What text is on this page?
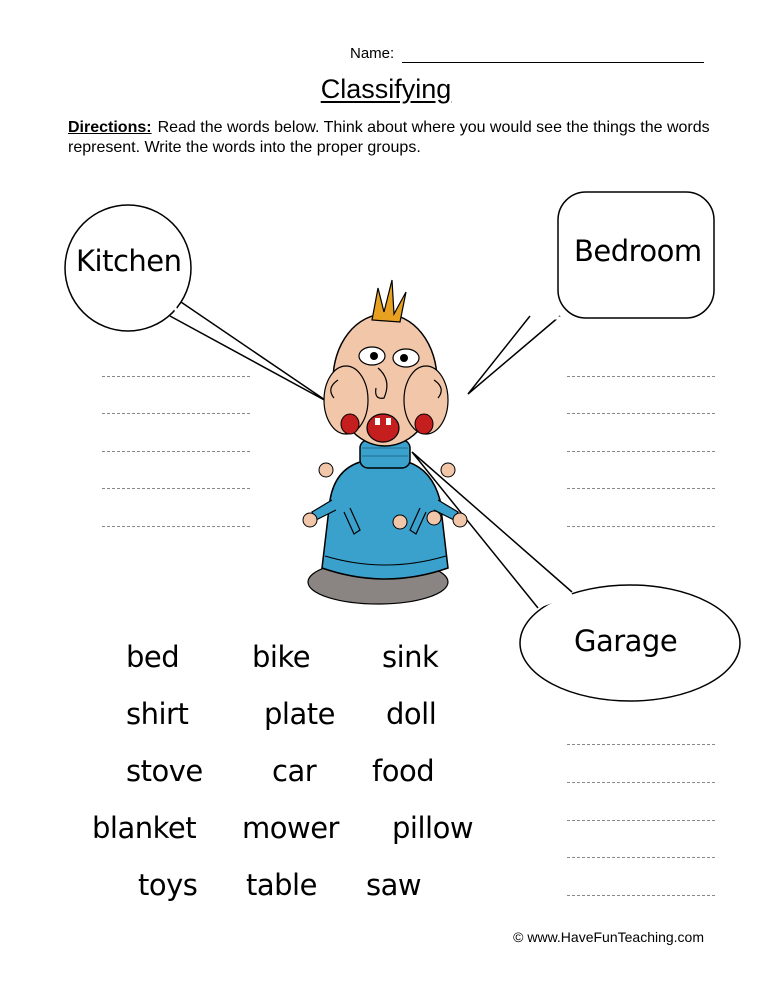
Name:
Classifying
Directions: Read the words below. Think about where you would see the things the words represent. Write the words into the proper groups.
Kitchen	Bedroom
Garage
bed	bike sink
shirt	plate doll
stove car food
blanket mower pillow
toys table saw
© www.HaveFunTeaching.com
